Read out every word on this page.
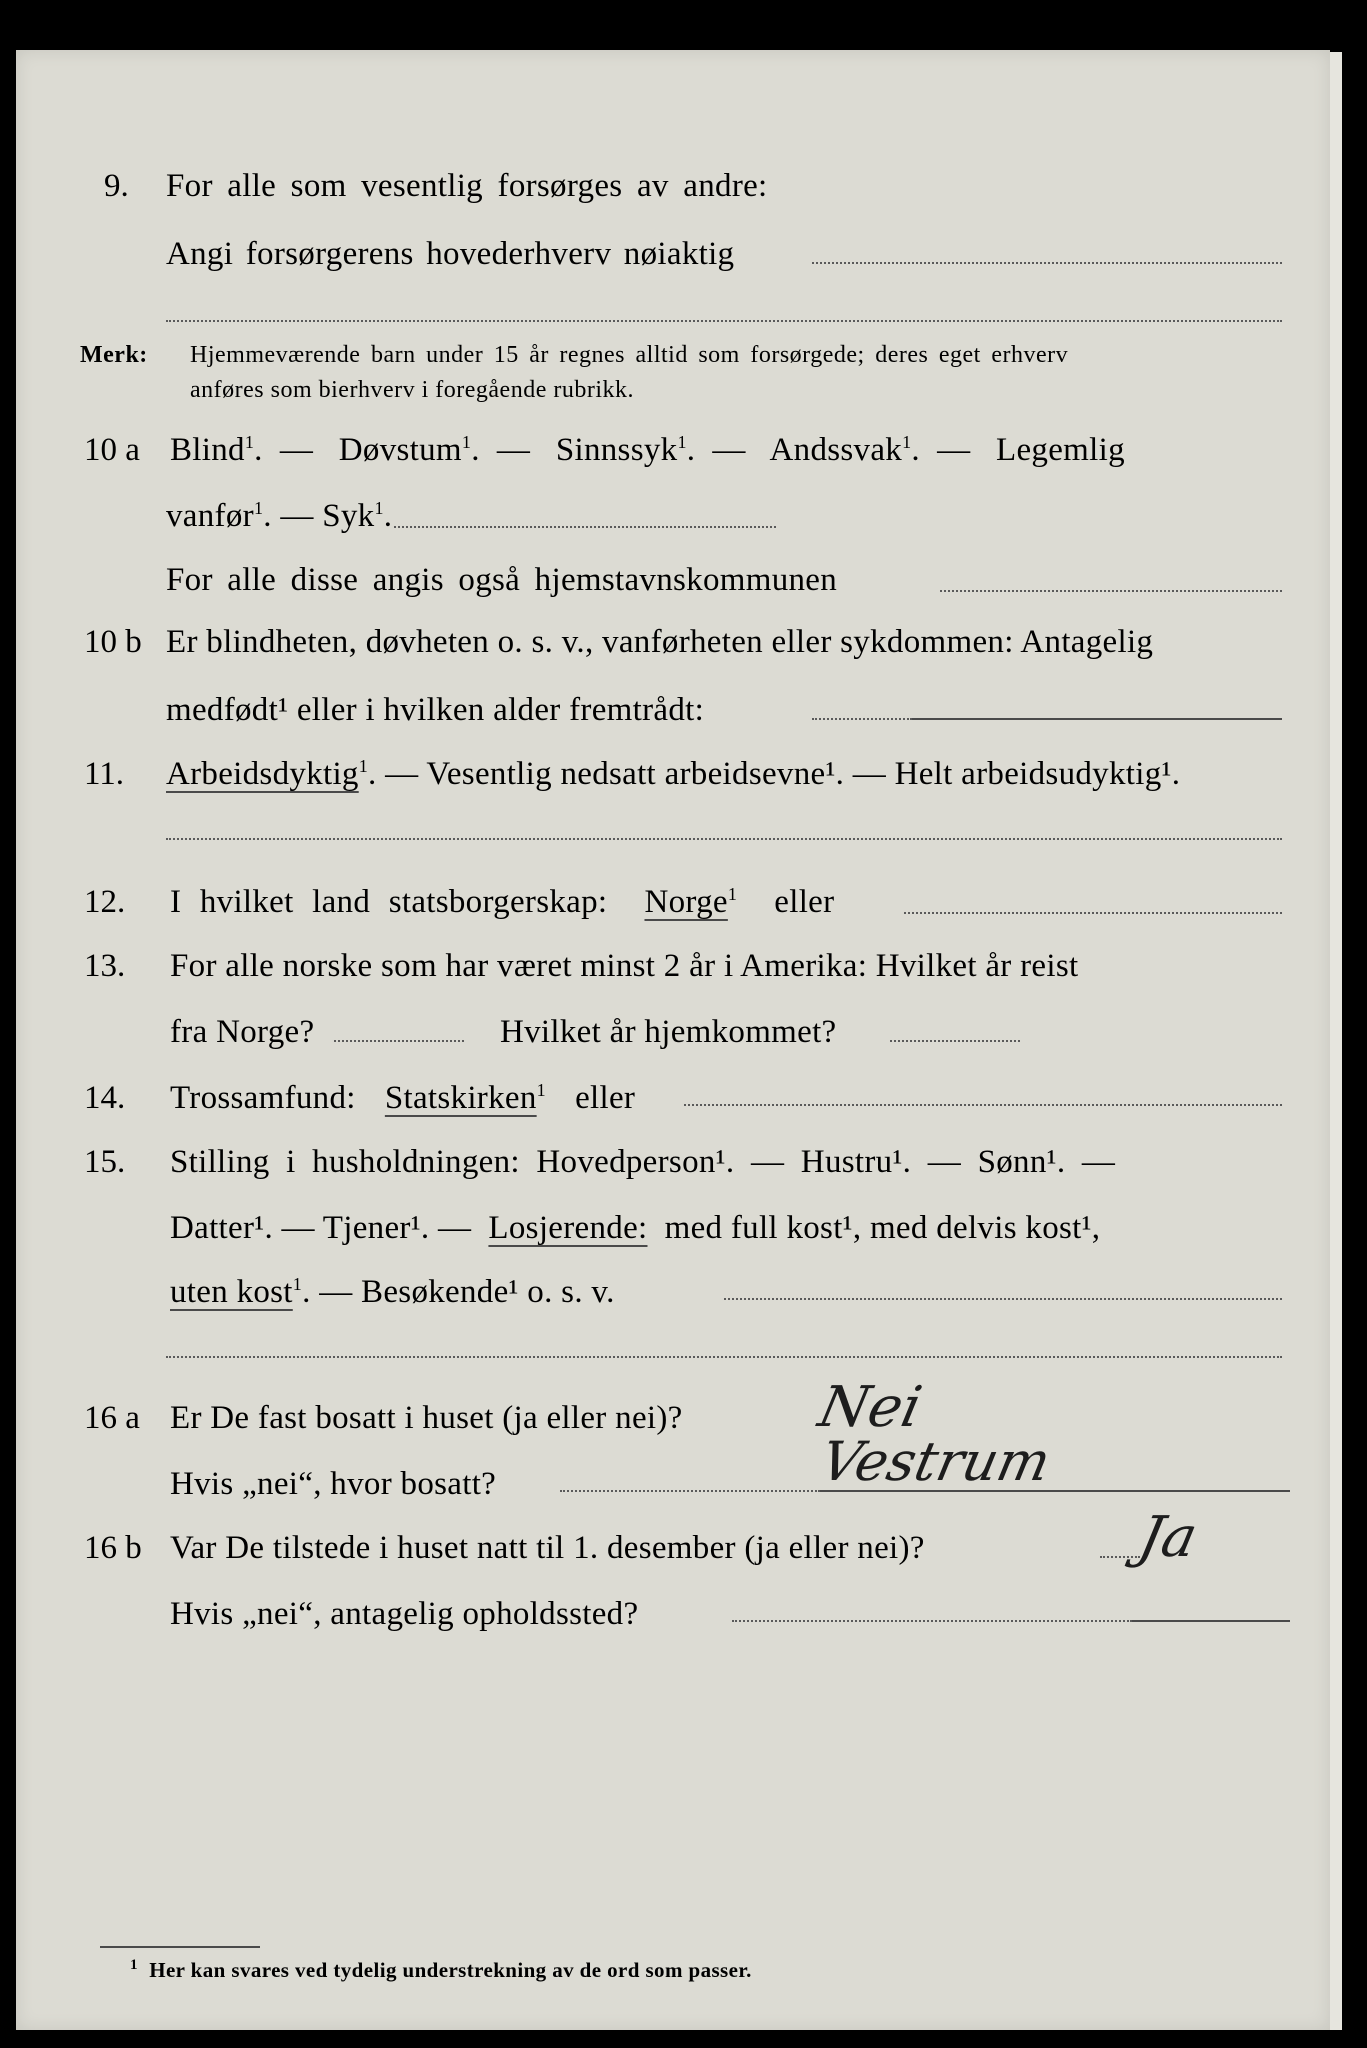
9. For alle som vesentlig forsørges av andre:
Angi forsørgerens hovederhverv nøiaktig
Merk: Hjemmeværende barn under 15 år regnes alltid som forsørgede; deres eget erhverv
anføres som bierhverv i foregående rubrikk.
10 a Blind$^1$.  —   Døvstum$^1$.  —   Sinnssyk$^1$.  —   Andssvak$^1$.  —   Legemlig
vanfør$^1$. — Syk$^1$.
For alle disse angis også hjemstavnskommunen
10 b Er blindheten, døvheten o. s. v., vanførheten eller sykdommen: Antagelig
medfødt¹ eller i hvilken alder fremtrådt:
11. Arbeidsdyktig$^1$. — Vesentlig nedsatt arbeidsevne¹. — Helt arbeidsudyktig¹.
12. I hvilket land statsborgerskap: Norge$^1$ eller
13. For alle norske som har været minst 2 år i Amerika: Hvilket år reist
fra Norge?	Hvilket år hjemkommet?
14. Trossamfund: Statskirken$^1$ eller
15. Stilling i husholdningen: Hovedperson¹. — Hustru¹. — Sønn¹. —
Datter¹. — Tjener¹. — Losjerende: med full kost¹, med delvis kost¹,
uten kost$^1$. — Besøkende¹ o. s. v.
16 a Er De fast bosatt i huset (ja eller nei)? Nei
Hvis „nei“, hvor bosatt?	Vestrum
16 b Var De tilstede i huset natt til 1. desember (ja eller nei)?	Ja
Hvis „nei“, antagelig opholdssted?
$^1$ Her kan svares ved tydelig understrekning av de ord som passer.
